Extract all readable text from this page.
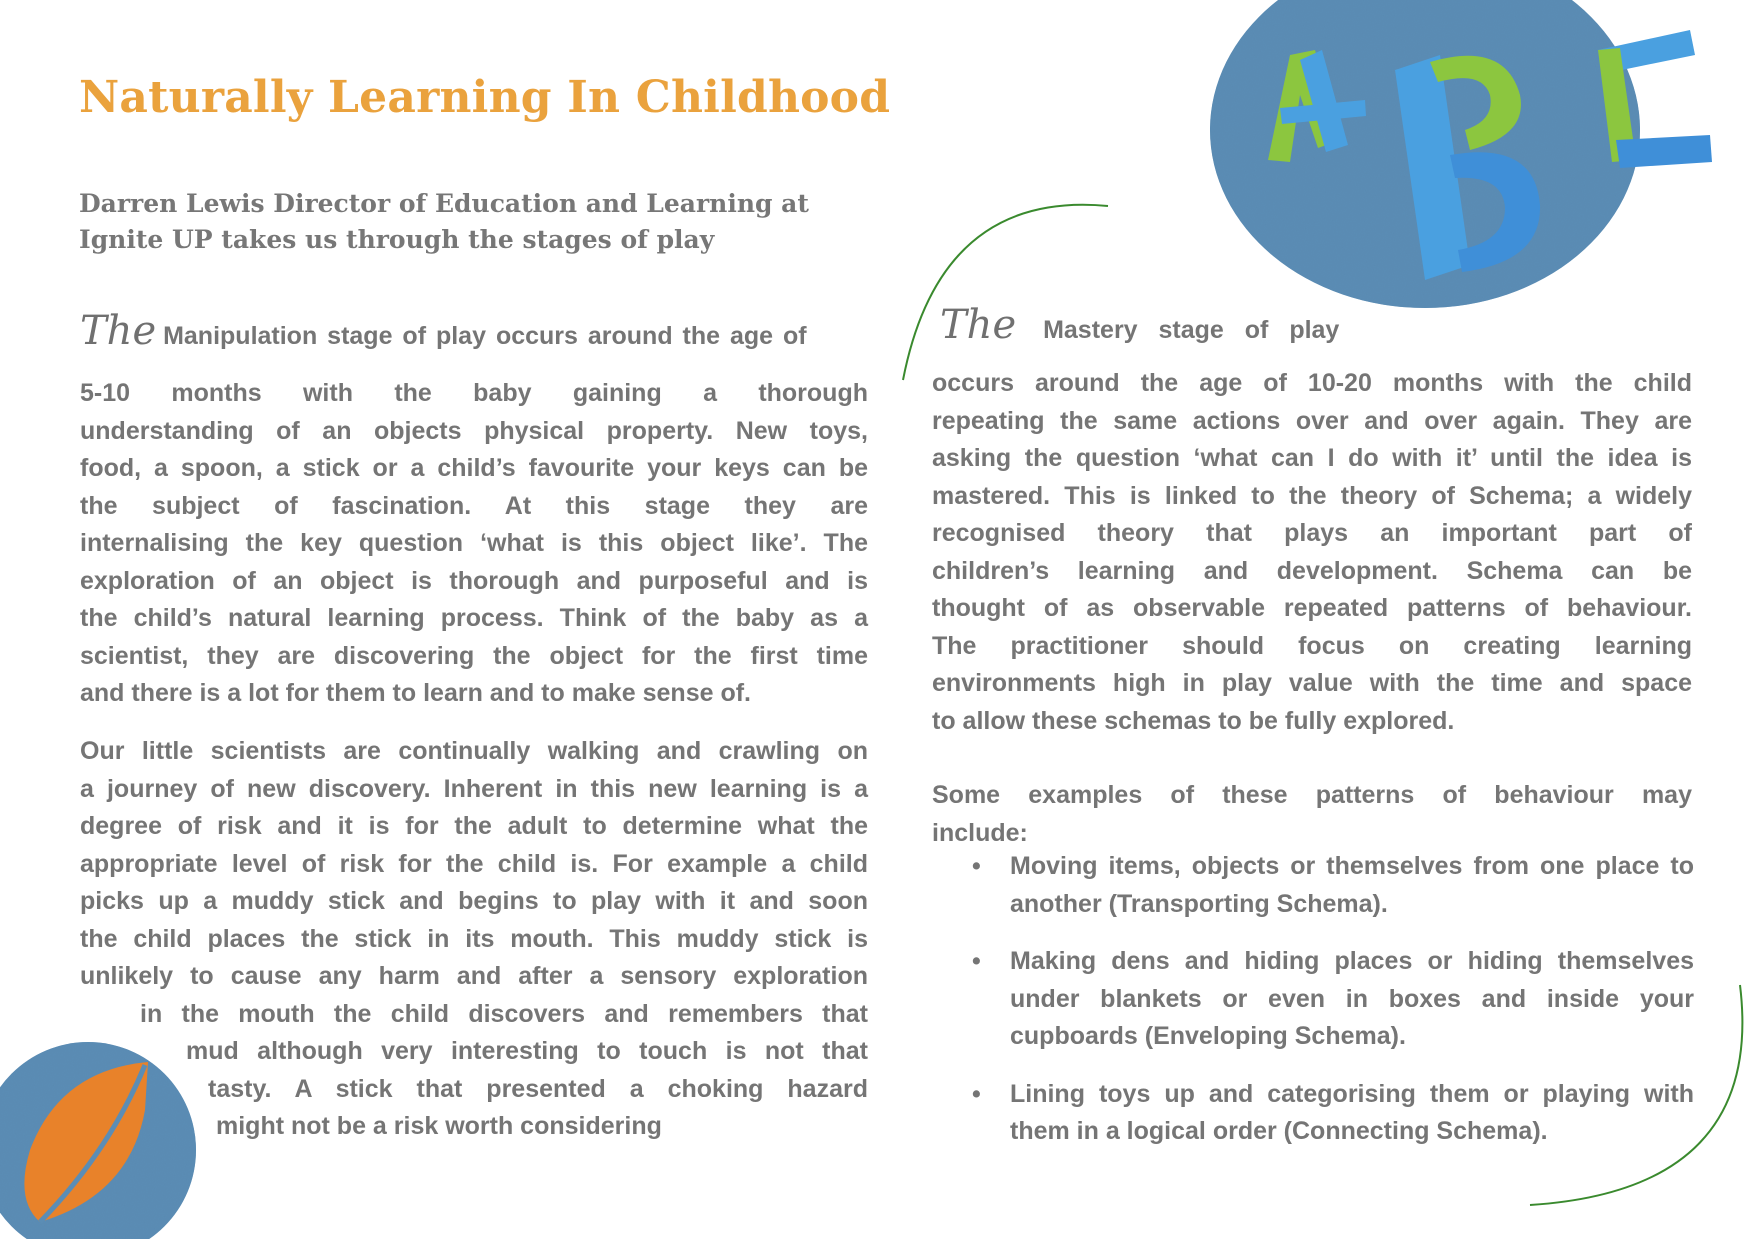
Naturally Learning In Childhood

Darren Lewis Director of Education and Learning at Ignite UP takes us through the stages of play

The Manipulation stage of play occurs around the age of
5-10 months with the baby gaining a thorough
understanding of an objects physical property. New toys,
food, a spoon, a stick or a child’s favourite your keys can be
the subject of fascination. At this stage they are
internalising the key question ‘what is this object like’. The
exploration of an object is thorough and purposeful and is
the child’s natural learning process. Think of the baby as a
scientist, they are discovering the object for the first time
and there is a lot for them to learn and to make sense of.
Our little scientists are continually walking and crawling on
a journey of new discovery. Inherent in this new learning is a
degree of risk and it is for the adult to determine what the
appropriate level of risk for the child is. For example a child
picks up a muddy stick and begins to play with it and soon
the child places the stick in its mouth. This muddy stick is
unlikely to cause any harm and after a sensory exploration
in the mouth the child discovers and remembers that
mud although very interesting to touch is not that
tasty. A stick that presented a choking hazard
might not be a risk worth considering
The Mastery stage of play
occurs around the age of 10-20 months with the child
repeating the same actions over and over again. They are
asking the question ‘what can I do with it’ until the idea is
mastered. This is linked to the theory of Schema; a widely
recognised theory that plays an important part of
children’s learning and development. Schema can be
thought of as observable repeated patterns of behaviour.
The practitioner should focus on creating learning
environments high in play value with the time and space
to allow these schemas to be fully explored.
Some examples of these patterns of behaviour may
include:
• Moving items, objects or themselves from one place to another (Transporting Schema).
• Making dens and hiding places or hiding themselves under blankets or even in boxes and inside your cupboards (Enveloping Schema).
• Lining toys up and categorising them or playing with them in a logical order (Connecting Schema).
